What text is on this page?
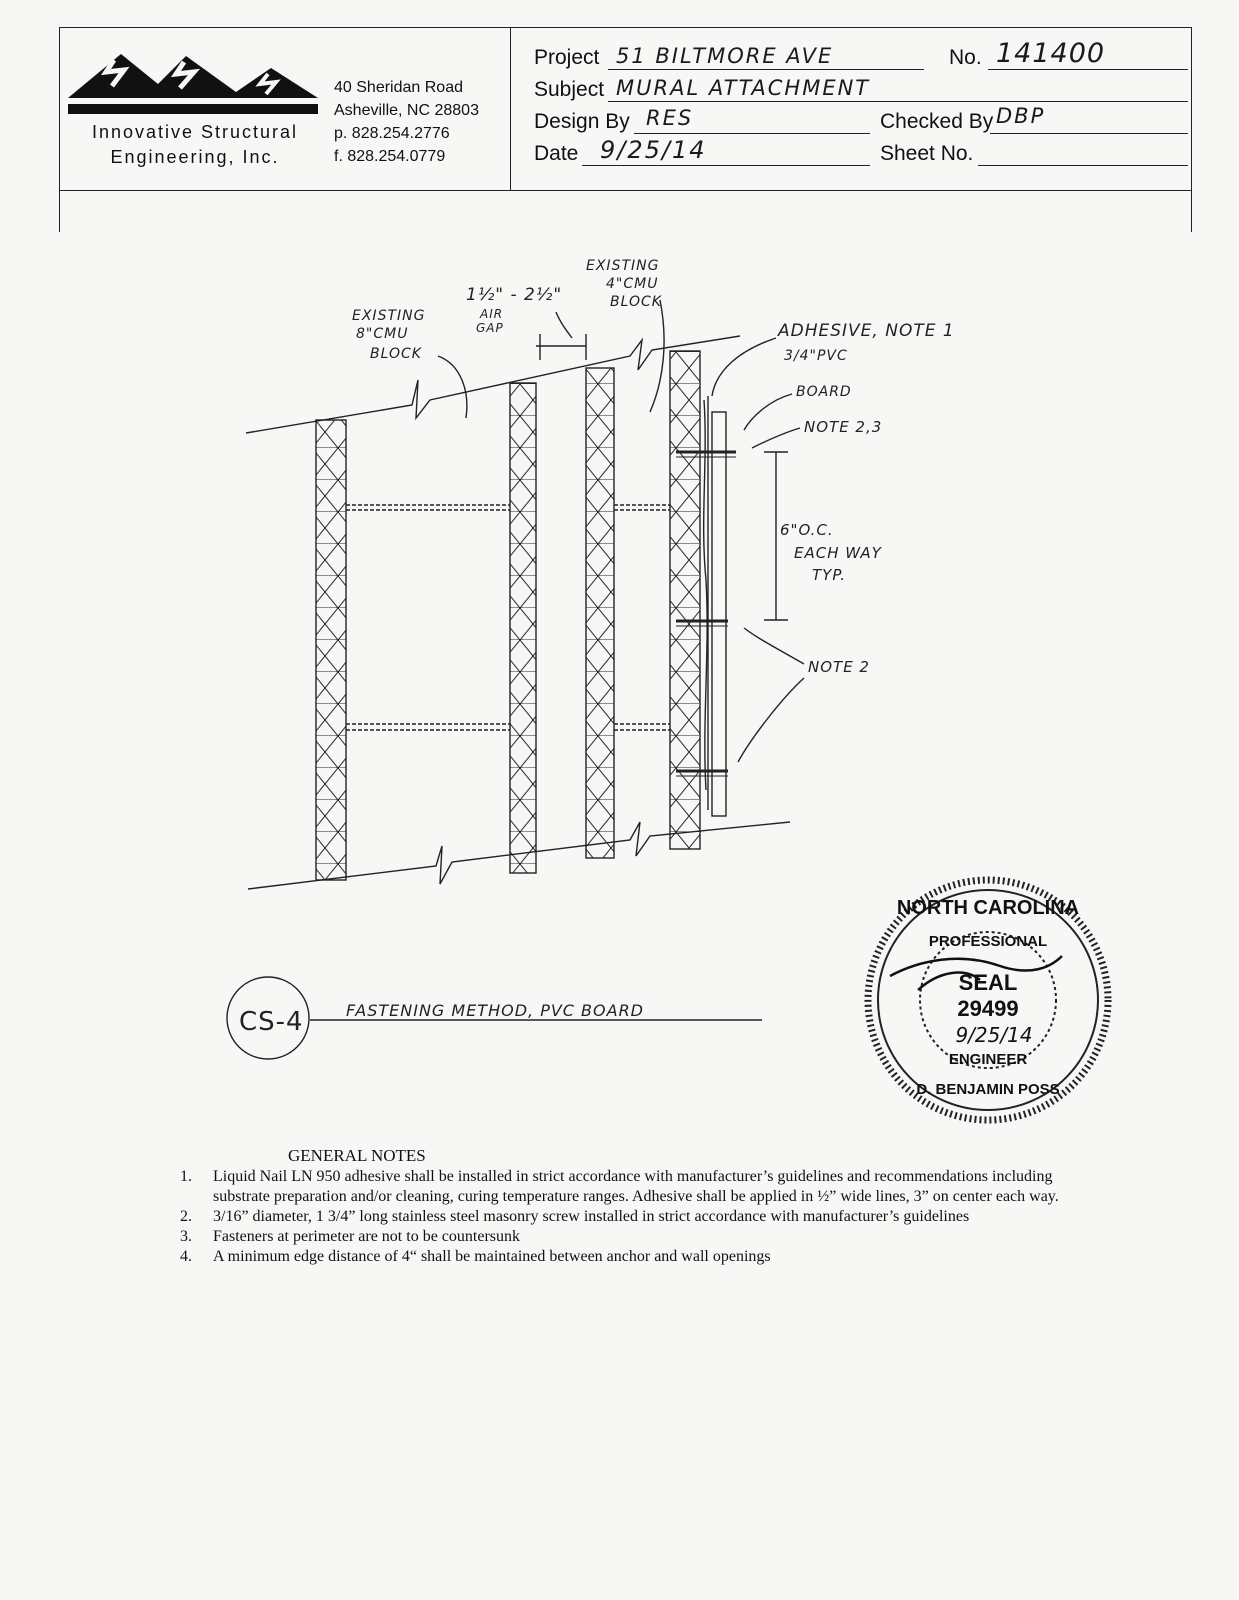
Innovative Structural
Engineering, Inc.
40 Sheridan Road
Asheville, NC 28803
p. 828.254.2776
f. 828.254.0779
Project 51 BILTMORE AVE	No. 141400
Subject MURAL ATTACHMENT
Design By RES	Checked By DBP
Date 9/25/14	Sheet No.
EXISTING
8"CMU
BLOCK
1½" - 2½"
AIR
GAP
EXISTING
4"CMU
BLOCK
ADHESIVE, NOTE 1
3/4"PVC
BOARD
NOTE 2,3
6"O.C.
EACH WAY
TYP.
NOTE 2
CS-4	FASTENING METHOD, PVC BOARD
NORTH CAROLINA
PROFESSIONAL
SEAL
29499
9/25/14
ENGINEER
D. BENJAMIN POSS
GENERAL NOTES
1. Liquid Nail LN 950 adhesive shall be installed in strict accordance with manufacturer’s guidelines and recommendations including substrate preparation and/or cleaning, curing temperature ranges. Adhesive shall be applied in ½” wide lines, 3” on center each way.
2. 3/16” diameter, 1 3/4” long stainless steel masonry screw installed in strict accordance with manufacturer’s guidelines
3. Fasteners at perimeter are not to be countersunk
4. A minimum edge distance of 4“ shall be maintained between anchor and wall openings
